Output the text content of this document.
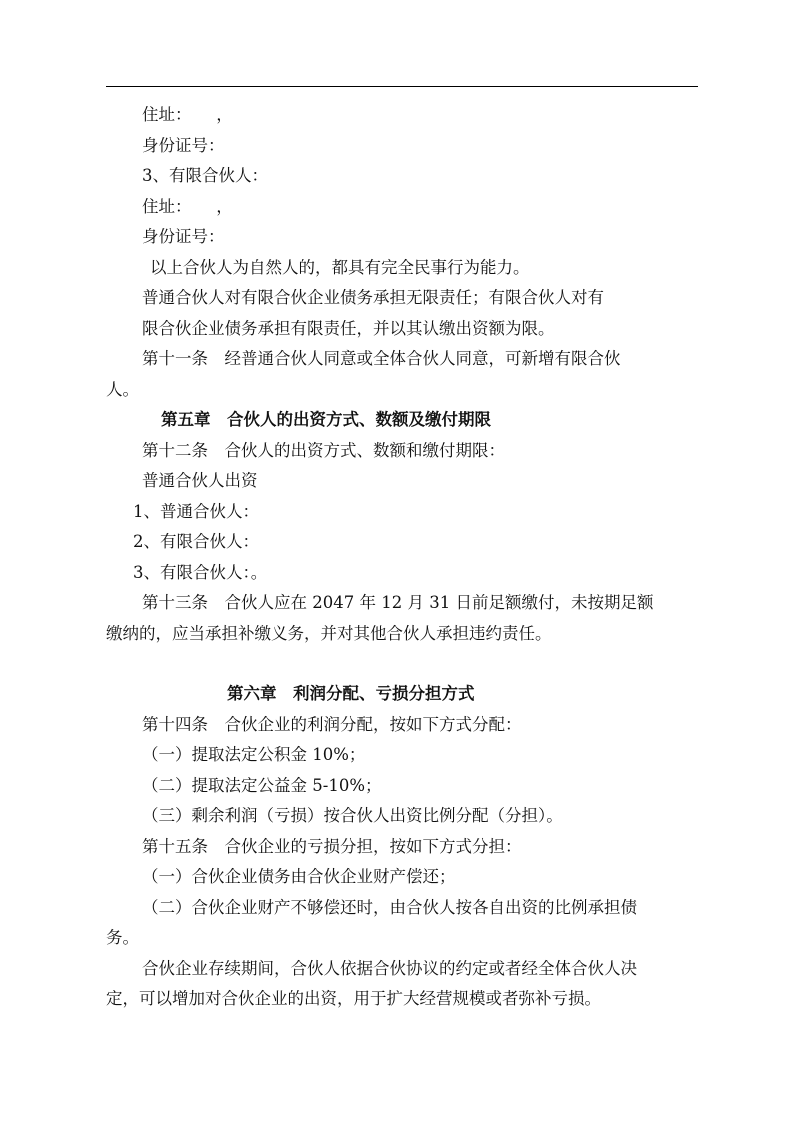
住址：　　，
身份证号：
3、有限合伙人：
住址：　　，
身份证号：
以上合伙人为自然人的，都具有完全民事行为能力。
普通合伙人对有限合伙企业债务承担无限责任；有限合伙人对有
限合伙企业债务承担有限责任，并以其认缴出资额为限。
第十一条　经普通合伙人同意或全体合伙人同意，可新增有限合伙
人。
第五章　合伙人的出资方式、数额及缴付期限
第十二条　合伙人的出资方式、数额和缴付期限：
普通合伙人出资
1、普通合伙人：
2、有限合伙人：
3、有限合伙人：。
第十三条　合伙人应在 2047 年 12 月 31 日前足额缴付，未按期足额
缴纳的，应当承担补缴义务，并对其他合伙人承担违约责任。
第六章　利润分配、亏损分担方式
第十四条　合伙企业的利润分配，按如下方式分配：
（一）提取法定公积金 10%；
（二）提取法定公益金 5-10%；
（三）剩余利润（亏损）按合伙人出资比例分配（分担）。
第十五条　合伙企业的亏损分担，按如下方式分担：
（一）合伙企业债务由合伙企业财产偿还；
（二）合伙企业财产不够偿还时，由合伙人按各自出资的比例承担债
务。
合伙企业存续期间，合伙人依据合伙协议的约定或者经全体合伙人决
定，可以增加对合伙企业的出资，用于扩大经营规模或者弥补亏损。
